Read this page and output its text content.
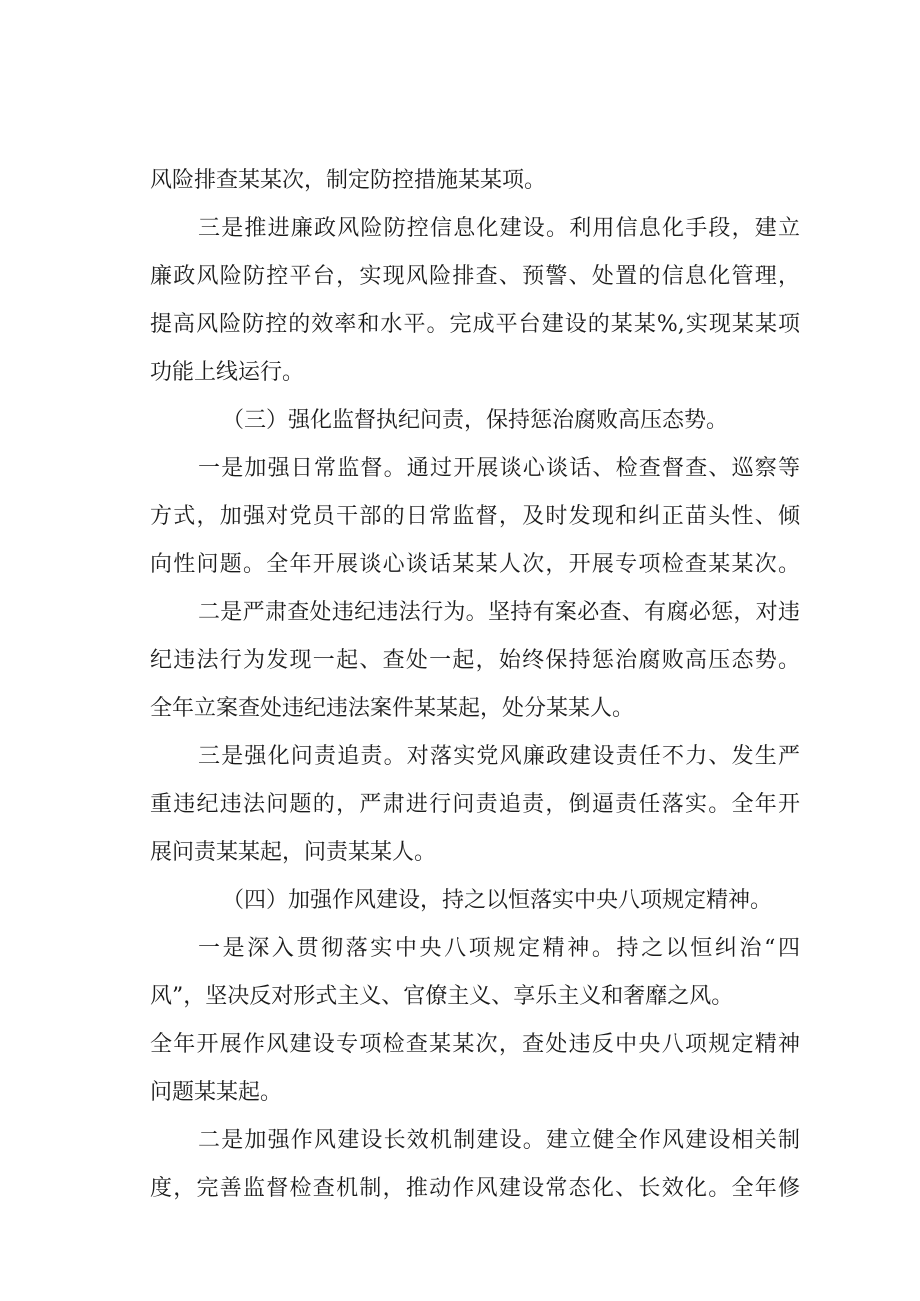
风险排查某某次，制定防控措施某某项。
三是推进廉政风险防控信息化建设。利用信息化手段，建立
廉政风险防控平台，实现风险排查、预警、处置的信息化管理，
提高风险防控的效率和水平。完成平台建设的某某%,实现某某项
功能上线运行。
（三）强化监督执纪问责，保持惩治腐败高压态势。
一是加强日常监督。通过开展谈心谈话、检查督查、巡察等
方式，加强对党员干部的日常监督，及时发现和纠正苗头性、倾
向性问题。全年开展谈心谈话某某人次，开展专项检查某某次。
二是严肃查处违纪违法行为。坚持有案必查、有腐必惩，对违
纪违法行为发现一起、查处一起，始终保持惩治腐败高压态势。
全年立案查处违纪违法案件某某起，处分某某人。
三是强化问责追责。对落实党风廉政建设责任不力、发生严
重违纪违法问题的，严肃进行问责追责，倒逼责任落实。全年开
展问责某某起，问责某某人。
（四）加强作风建设，持之以恒落实中央八项规定精神。
一是深入贯彻落实中央八项规定精神。持之以恒纠治“四
风”，坚决反对形式主义、官僚主义、享乐主义和奢靡之风。
全年开展作风建设专项检查某某次，查处违反中央八项规定精神
问题某某起。
二是加强作风建设长效机制建设。建立健全作风建设相关制
度，完善监督检查机制，推动作风建设常态化、长效化。全年修
